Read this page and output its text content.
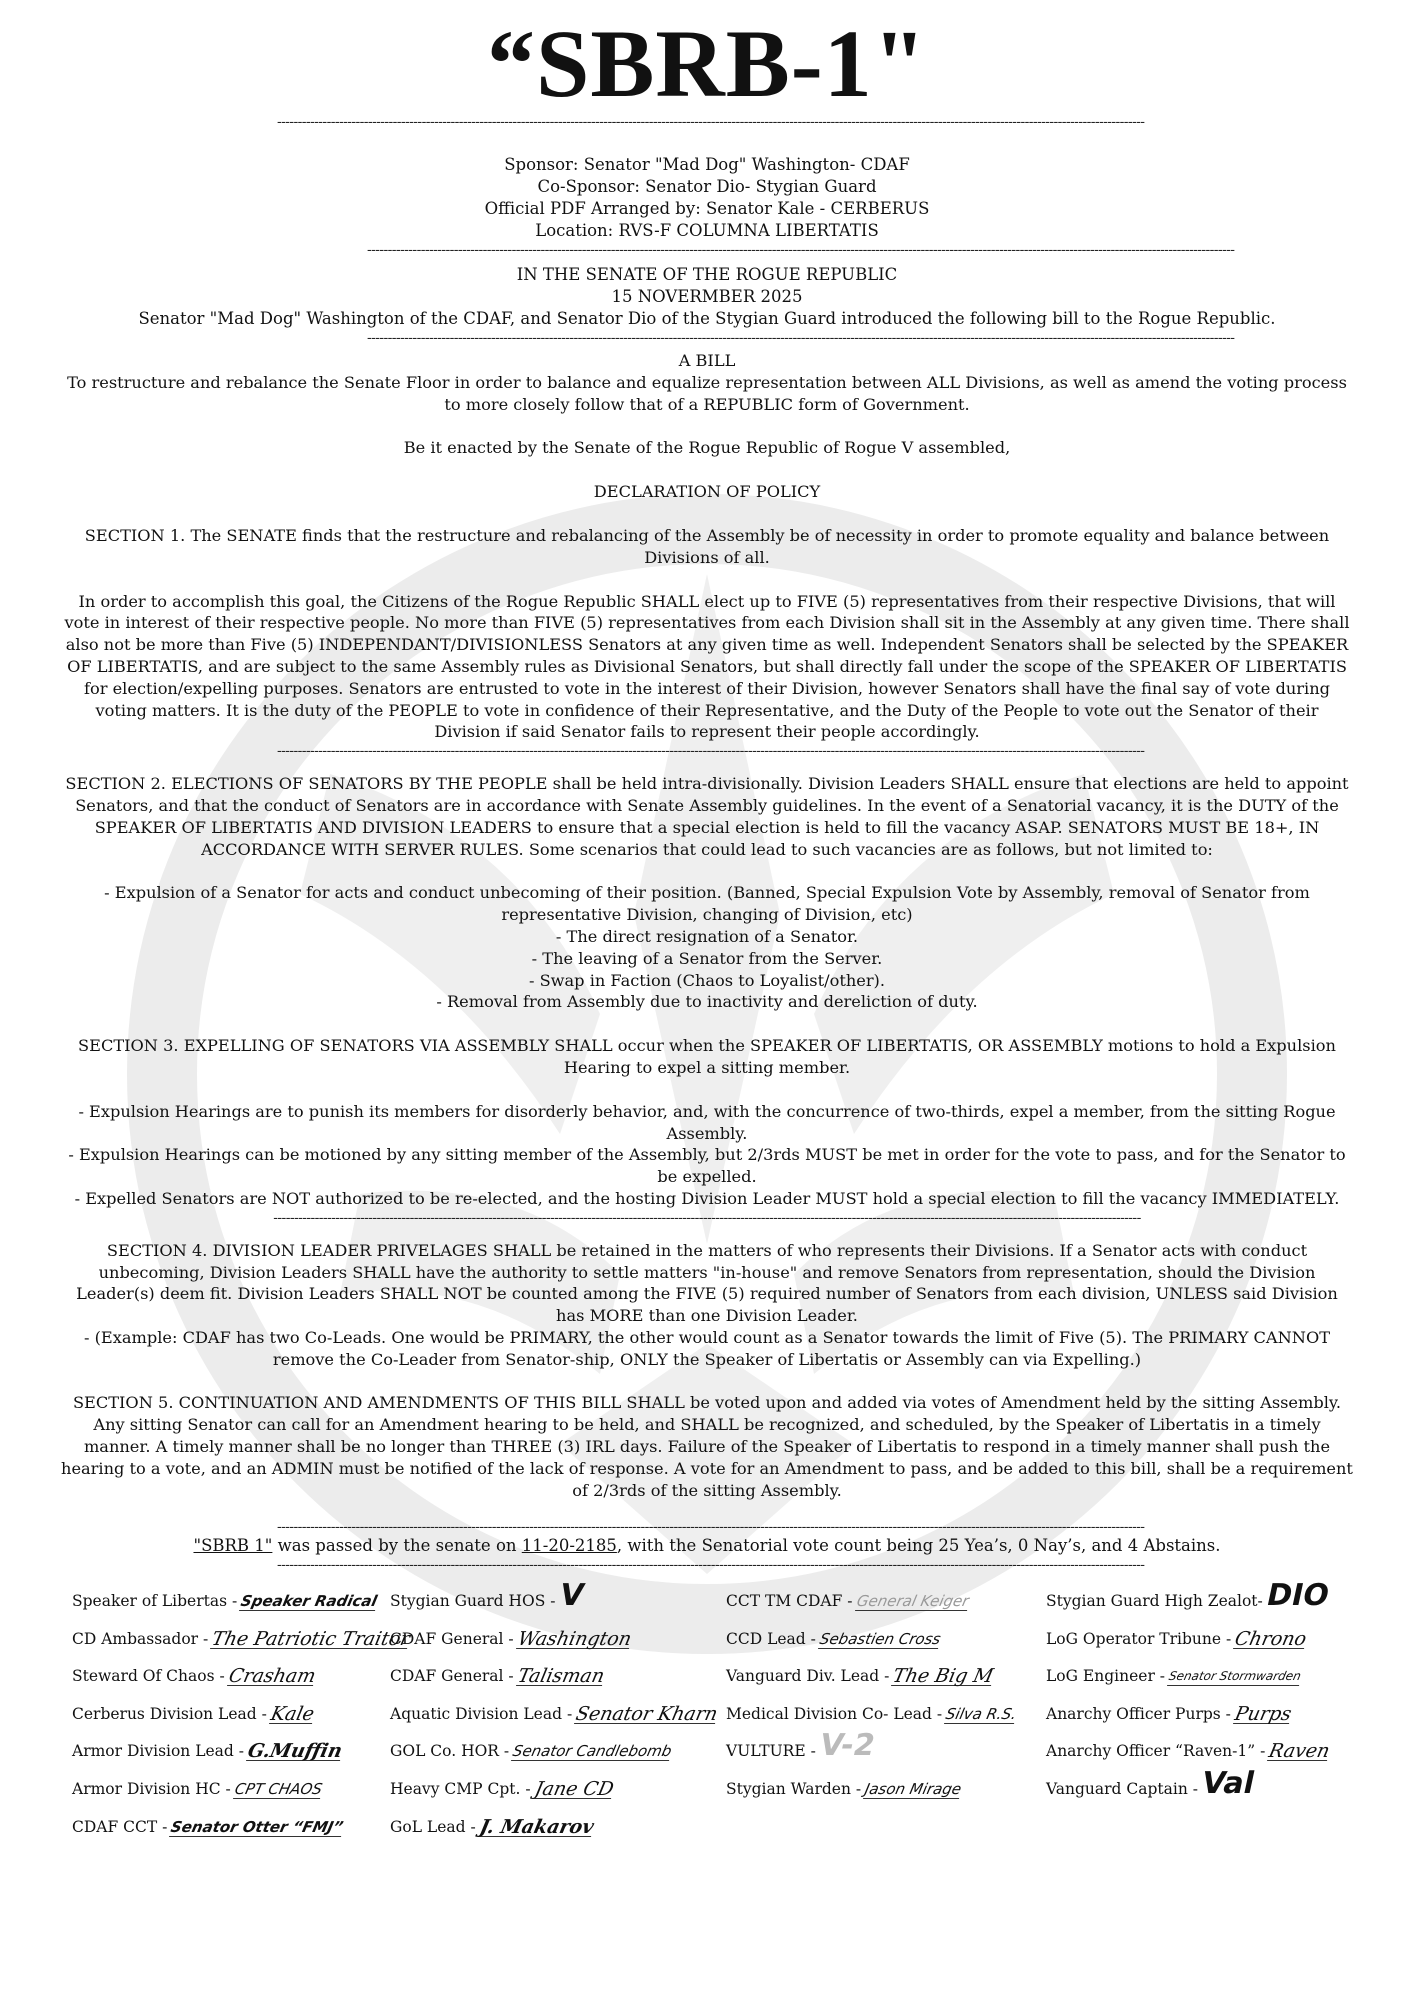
“SBRB-1"
------------------------------------------------------------------------------------------------------------------------------------------------------------------------------------------------------------------
Sponsor: Senator "Mad Dog" Washington- CDAF
Co-Sponsor: Senator Dio- Stygian Guard
Official PDF Arranged by: Senator Kale - CERBERUS
Location: RVS-F COLUMNA LIBERTATIS
------------------------------------------------------------------------------------------------------------------------------------------------------------------------------------------------------------------
IN THE SENATE OF THE ROGUE REPUBLIC
15 NOVERMBER 2025
Senator "Mad Dog" Washington of the CDAF, and Senator Dio of the Stygian Guard introduced the following bill to the Rogue Republic.
------------------------------------------------------------------------------------------------------------------------------------------------------------------------------------------------------------------
A BILL
To restructure and rebalance the Senate Floor in order to balance and equalize representation between ALL Divisions, as well as amend the voting process to more closely follow that of a REPUBLIC form of Government.
Be it enacted by the Senate of the Rogue Republic of Rogue V assembled,
DECLARATION OF POLICY
SECTION 1. The SENATE finds that the restructure and rebalancing of the Assembly be of necessity in order to promote equality and balance between Divisions of all.
In order to accomplish this goal, the Citizens of the Rogue Republic SHALL elect up to FIVE (5) representatives from their respective Divisions, that will vote in interest of their respective people. No more than FIVE (5) representatives from each Division shall sit in the Assembly at any given time. There shall also not be more than Five (5) INDEPENDANT/DIVISIONLESS Senators at any given time as well. Independent Senators shall be selected by the SPEAKER OF LIBERTATIS, and are subject to the same Assembly rules as Divisional Senators, but shall directly fall under the scope of the SPEAKER OF LIBERTATIS for election/expelling purposes. Senators are entrusted to vote in the interest of their Division, however Senators shall have the final say of vote during voting matters. It is the duty of the PEOPLE to vote in confidence of their Representative, and the Duty of the People to vote out the Senator of their Division if said Senator fails to represent their people accordingly.
------------------------------------------------------------------------------------------------------------------------------------------------------------------------------------------------------------------
SECTION 2. ELECTIONS OF SENATORS BY THE PEOPLE shall be held intra-divisionally. Division Leaders SHALL ensure that elections are held to appoint Senators, and that the conduct of Senators are in accordance with Senate Assembly guidelines. In the event of a Senatorial vacancy, it is the DUTY of the SPEAKER OF LIBERTATIS AND DIVISION LEADERS to ensure that a special election is held to fill the vacancy ASAP. SENATORS MUST BE 18+, IN ACCORDANCE WITH SERVER RULES. Some scenarios that could lead to such vacancies are as follows, but not limited to:
- Expulsion of a Senator for acts and conduct unbecoming of their position. (Banned, Special Expulsion Vote by Assembly, removal of Senator from representative Division, changing of Division, etc)
- The direct resignation of a Senator.
- The leaving of a Senator from the Server.
- Swap in Faction (Chaos to Loyalist/other).
- Removal from Assembly due to inactivity and dereliction of duty.
SECTION 3. EXPELLING OF SENATORS VIA ASSEMBLY SHALL occur when the SPEAKER OF LIBERTATIS, OR ASSEMBLY motions to hold a Expulsion Hearing to expel a sitting member.
- Expulsion Hearings are to punish its members for disorderly behavior, and, with the concurrence of two-thirds, expel a member, from the sitting Rogue Assembly.
- Expulsion Hearings can be motioned by any sitting member of the Assembly, but 2/3rds MUST be met in order for the vote to pass, and for the Senator to be expelled.
- Expelled Senators are NOT authorized to be re-elected, and the hosting Division Leader MUST hold a special election to fill the vacancy IMMEDIATELY.
------------------------------------------------------------------------------------------------------------------------------------------------------------------------------------------------------------------
SECTION 4. DIVISION LEADER PRIVELAGES SHALL be retained in the matters of who represents their Divisions. If a Senator acts with conduct unbecoming, Division Leaders SHALL have the authority to settle matters "in-house" and remove Senators from representation, should the Division Leader(s) deem fit. Division Leaders SHALL NOT be counted among the FIVE (5) required number of Senators from each division, UNLESS said Division has MORE than one Division Leader.
- (Example: CDAF has two Co-Leads. One would be PRIMARY, the other would count as a Senator towards the limit of Five (5). The PRIMARY CANNOT remove the Co-Leader from Senator-ship, ONLY the Speaker of Libertatis or Assembly can via Expelling.)
SECTION 5. CONTINUATION AND AMENDMENTS OF THIS BILL SHALL be voted upon and added via votes of Amendment held by the sitting Assembly. Any sitting Senator can call for an Amendment hearing to be held, and SHALL be recognized, and scheduled, by the Speaker of Libertatis in a timely manner. A timely manner shall be no longer than THREE (3) IRL days. Failure of the Speaker of Libertatis to respond in a timely manner shall push the hearing to a vote, and an ADMIN must be notified of the lack of response. A vote for an Amendment to pass, and be added to this bill, shall be a requirement of 2/3rds of the sitting Assembly.
------------------------------------------------------------------------------------------------------------------------------------------------------------------------------------------------------------------
"SBRB 1" was passed by the senate on 11-20-2185, with the Senatorial vote count being 25 Yea’s, 0 Nay’s, and 4 Abstains.
------------------------------------------------------------------------------------------------------------------------------------------------------------------------------------------------------------------
Speaker of Libertas - Speaker Radical
CD Ambassador - The Patriotic Traitor
Steward Of Chaos - Crasham
Cerberus Division Lead - Kale
Armor Division Lead - G.Muffin
Armor Division HC - CPT CHAOS
CDAF CCT - Senator Otter “FMJ”
Stygian Guard HOS - V
CDAF General - Washington
CDAF General - Talisman
Aquatic Division Lead - Senator Kharn
GOL Co. HOR - Senator Candlebomb
Heavy CMP Cpt. - Jane CD
GoL Lead - J. Makarov
CCT TM CDAF - General Keiger
CCD Lead - Sebastien Cross
Vanguard Div. Lead - The Big M
Medical Division Co- Lead - Silva R.S.
VULTURE - V-2
Stygian Warden - Jason Mirage
Stygian Guard High Zealot- DIO
LoG Operator Tribune - Chrono
LoG Engineer - Senator Stormwarden
Anarchy Officer Purps - Purps
Anarchy Officer “Raven-1” - Raven
Vanguard Captain - Val
